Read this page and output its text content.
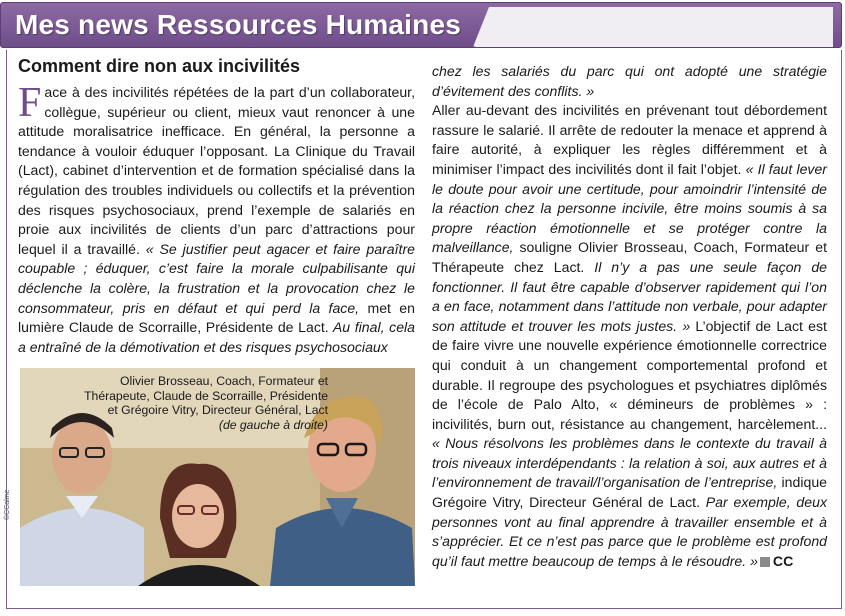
Mes news Ressources Humaines
Comment dire non aux incivilités

Face à des incivilités répétées de la part d’un collaborateur, collègue, supérieur ou client, mieux vaut renoncer à une attitude moralisatrice inefficace. En général, la personne a tendance à vouloir éduquer l’opposant. La Clinique du Travail (Lact), cabinet d’intervention et de formation spécialisé dans la régulation des troubles individuels ou collectifs et la prévention des risques psychosociaux, prend l’exemple de salariés en proie aux incivilités de clients d’un parc d’attractions pour lequel il a travaillé. « Se justifier peut agacer et faire paraître coupable ; éduquer, c’est faire la morale culpabilisante qui déclenche la colère, la frustration et la provocation chez le consommateur, pris en défaut et qui perd la face, met en lumière Claude de Scorraille, Présidente de Lact. Au final, cela a entraîné de la démotivation et des risques psychosociaux

Olivier Brosseau, Coach, Formateur et Thérapeute, Claude de Scorraille, Présidente et Grégoire Vitry, Directeur Général, Lact
(de gauche à droite)
©CCalme

chez les salariés du parc qui ont adopté une stratégie d’évitement des conflits. »

Aller au-devant des incivilités en prévenant tout débordement rassure le salarié. Il arrête de redouter la menace et apprend à faire autorité, à expliquer les règles différemment et à minimiser l’impact des incivilités dont il fait l’objet. « Il faut lever le doute pour avoir une certitude, pour amoindrir l’intensité de la réaction chez la personne incivile, être moins soumis à sa propre réaction émotionnelle et se protéger contre la malveillance, souligne Olivier Brosseau, Coach, Formateur et Thérapeute chez Lact. Il n’y a pas une seule façon de fonctionner. Il faut être capable d’observer rapidement qui l’on a en face, notamment dans l’attitude non verbale, pour adapter son attitude et trouver les mots justes. » L’objectif de Lact est de faire vivre une nouvelle expérience émotionnelle correctrice qui conduit à un changement comportemental profond et durable. Il regroupe des psychologues et psychiatres diplômés de l’école de Palo Alto, « démineurs de problèmes » : incivilités, burn out, résistance au changement, harcèlement... « Nous résolvons les problèmes dans le contexte du travail à trois niveaux interdépendants : la relation à soi, aux autres et à l’environnement de travail/l’organisation de l’entreprise, indique Grégoire Vitry, Directeur Général de Lact. Par exemple, deux personnes vont au final apprendre à travailler ensemble et à s’apprécier. Et ce n’est pas parce que le problème est profond qu’il faut mettre beaucoup de temps à le résoudre. » CC
